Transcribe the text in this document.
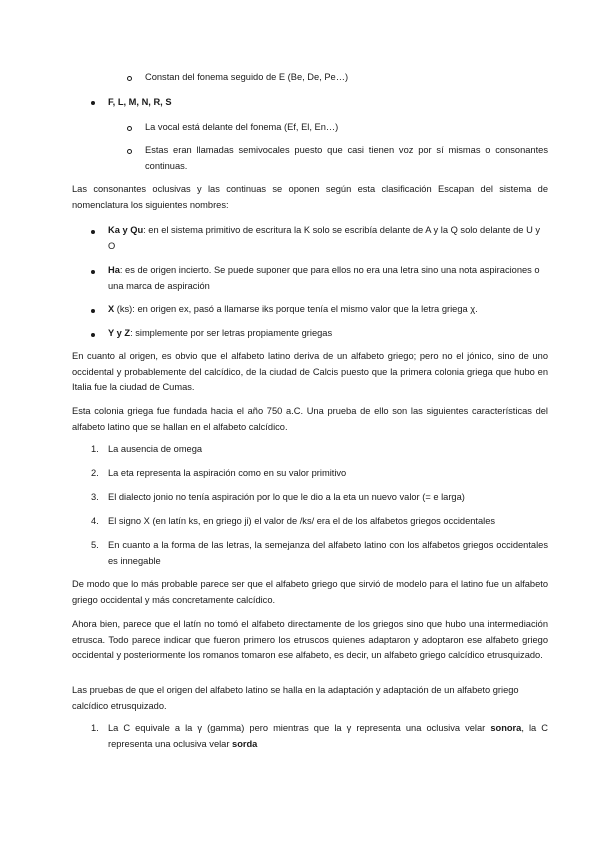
Constan del fonema seguido de E (Be, De, Pe…)

F, L, M, N, R, S

La vocal está delante del fonema (Ef, El, En…)

Estas eran llamadas semivocales puesto que casi tienen voz por sí mismas o consonantes continuas.

Las consonantes oclusivas y las continuas se oponen según esta clasificación Escapan del sistema de nomenclatura los siguientes nombres:

Ka y Qu: en el sistema primitivo de escritura la K solo se escribía delante de A y la Q solo delante de U y O

Ha: es de origen incierto. Se puede suponer que para ellos no era una letra sino una nota aspiraciones o una marca de aspiración

X (ks): en origen ex, pasó a llamarse iks porque tenía el mismo valor que la letra griega χ.

Y y Z: simplemente por ser letras propiamente griegas

En cuanto al origen, es obvio que el alfabeto latino deriva de un alfabeto griego; pero no el jónico, sino de uno occidental y probablemente del calcídico, de la ciudad de Calcis puesto que la primera colonia griega que hubo en Italia fue la ciudad de Cumas.

Esta colonia griega fue fundada hacia el año 750 a.C. Una prueba de ello son las siguientes características del alfabeto latino que se hallan en el alfabeto calcídico.

1. La ausencia de omega

2. La eta representa la aspiración como en su valor primitivo

3. El dialecto jonio no tenía aspiración por lo que le dio a la eta un nuevo valor (= e larga)

4. El signo X (en latín ks, en griego ji) el valor de /ks/ era el de los alfabetos griegos occidentales

5. En cuanto a la forma de las letras, la semejanza del alfabeto latino con los alfabetos griegos occidentales es innegable

De modo que lo más probable parece ser que el alfabeto griego que sirvió de modelo para el latino fue un alfabeto griego occidental y más concretamente calcídico.

Ahora bien, parece que el latín no tomó el alfabeto directamente de los griegos sino que hubo una intermediación etrusca. Todo parece indicar que fueron primero los etruscos quienes adaptaron y adoptaron ese alfabeto griego occidental y posteriormente los romanos tomaron ese alfabeto, es decir, un alfabeto griego calcídico etrusquizado.

Las pruebas de que el origen del alfabeto latino se halla en la adaptación y adaptación de un alfabeto griego calcídico etrusquizado.

1. La C equivale a la γ (gamma) pero mientras que la γ representa una oclusiva velar sonora, la C representa una oclusiva velar sorda
